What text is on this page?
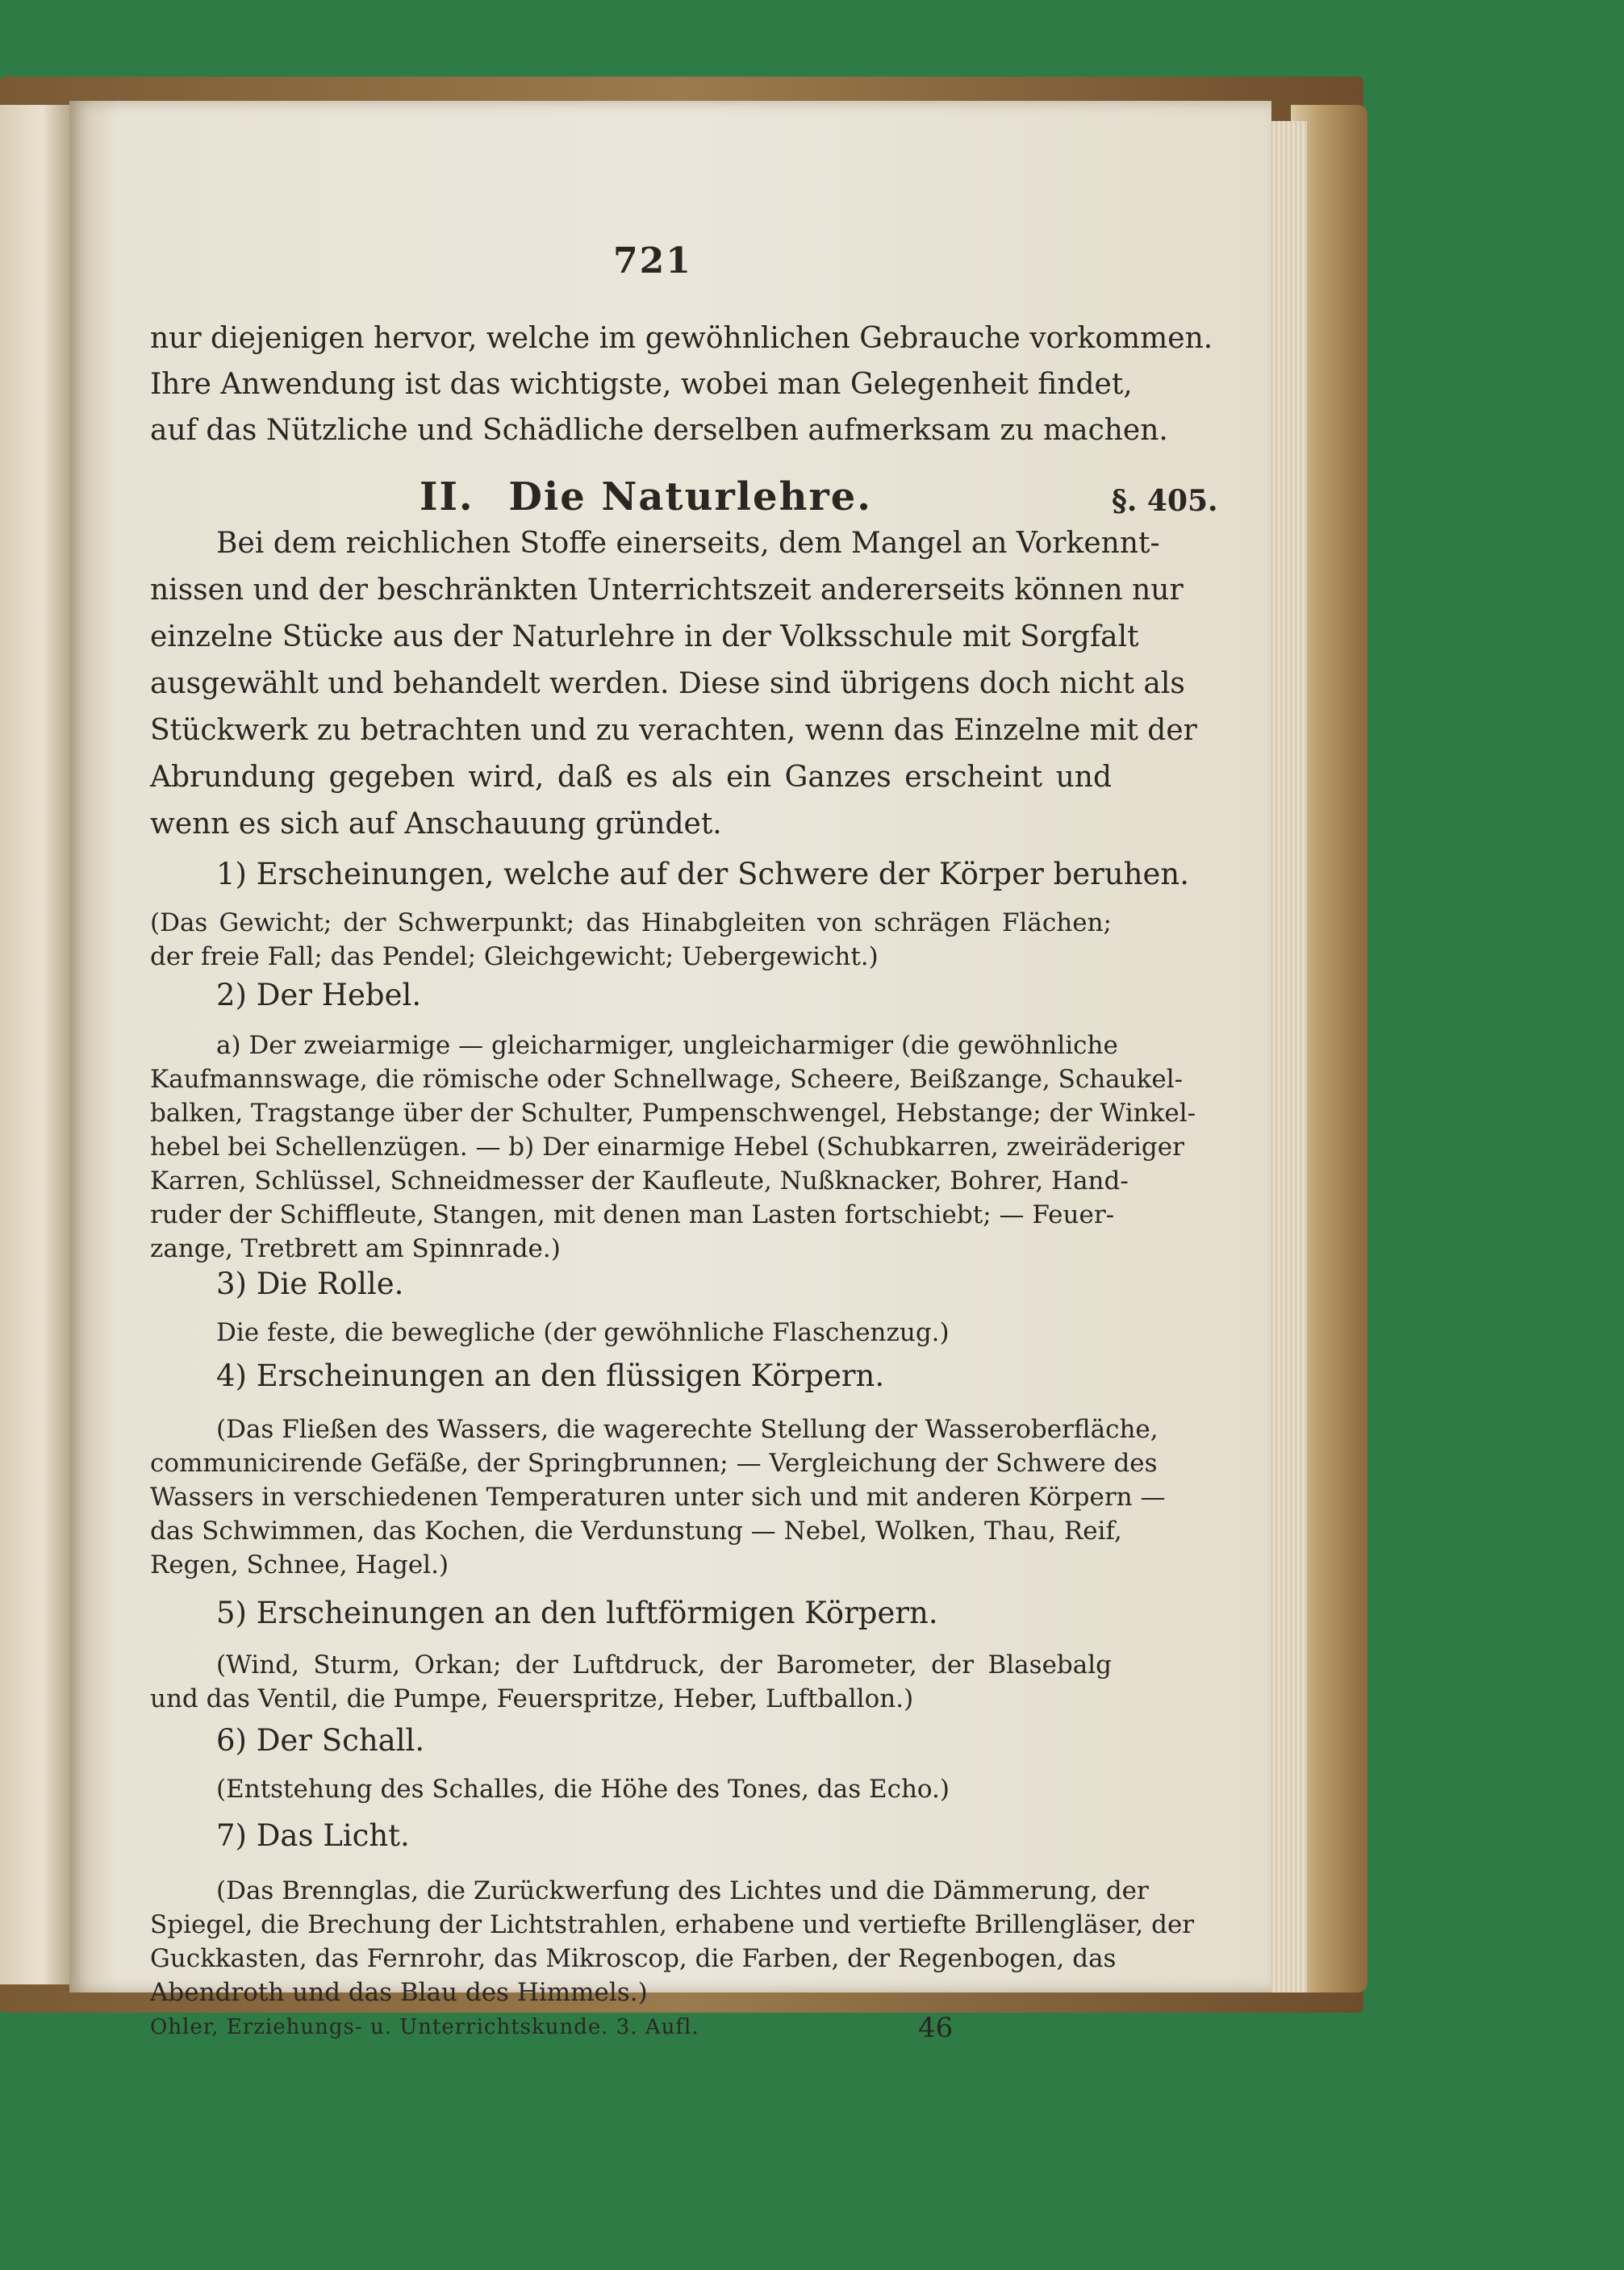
721
nur diejenigen hervor, welche im gewöhnlichen Gebrauche vorkommen.
Ihre Anwendung ist das wichtigste, wobei man Gelegenheit findet,
auf das Nützliche und Schädliche derselben aufmerksam zu machen.
II. Die Naturlehre.	§. 405.
Bei dem reichlichen Stoffe einerseits, dem Mangel an Vorkennt-
nissen und der beschränkten Unterrichtszeit andererseits können nur
einzelne Stücke aus der Naturlehre in der Volksschule mit Sorgfalt
ausgewählt und behandelt werden. Diese sind übrigens doch nicht als
Stückwerk zu betrachten und zu verachten, wenn das Einzelne mit der
Abrundung gegeben wird, daß es als ein Ganzes erscheint und
wenn es sich auf Anschauung gründet.
1) Erscheinungen, welche auf der Schwere der Körper beruhen.
(Das Gewicht; der Schwerpunkt; das Hinabgleiten von schrägen Flächen;
der freie Fall; das Pendel; Gleichgewicht; Uebergewicht.)
2) Der Hebel.
a) Der zweiarmige — gleicharmiger, ungleicharmiger (die gewöhnliche
Kaufmannswage, die römische oder Schnellwage, Scheere, Beißzange, Schaukel-
balken, Tragstange über der Schulter, Pumpenschwengel, Hebstange; der Winkel-
hebel bei Schellenzügen. — b) Der einarmige Hebel (Schubkarren, zweiräderiger
Karren, Schlüssel, Schneidmesser der Kaufleute, Nußknacker, Bohrer, Hand-
ruder der Schiffleute, Stangen, mit denen man Lasten fortschiebt; — Feuer-
zange, Tretbrett am Spinnrade.)
3) Die Rolle.
Die feste, die bewegliche (der gewöhnliche Flaschenzug.)
4) Erscheinungen an den flüssigen Körpern.
(Das Fließen des Wassers, die wagerechte Stellung der Wasseroberfläche,
communicirende Gefäße, der Springbrunnen; — Vergleichung der Schwere des
Wassers in verschiedenen Temperaturen unter sich und mit anderen Körpern —
das Schwimmen, das Kochen, die Verdunstung — Nebel, Wolken, Thau, Reif,
Regen, Schnee, Hagel.)
5) Erscheinungen an den luftförmigen Körpern.
(Wind, Sturm, Orkan; der Luftdruck, der Barometer, der Blasebalg
und das Ventil, die Pumpe, Feuerspritze, Heber, Luftballon.)
6) Der Schall.
(Entstehung des Schalles, die Höhe des Tones, das Echo.)
7) Das Licht.
(Das Brennglas, die Zurückwerfung des Lichtes und die Dämmerung, der
Spiegel, die Brechung der Lichtstrahlen, erhabene und vertiefte Brillengläser, der
Guckkasten, das Fernrohr, das Mikroscop, die Farben, der Regenbogen, das
Abendroth und das Blau des Himmels.)
Ohler, Erziehungs- u. Unterrichtskunde. 3. Aufl.	46
